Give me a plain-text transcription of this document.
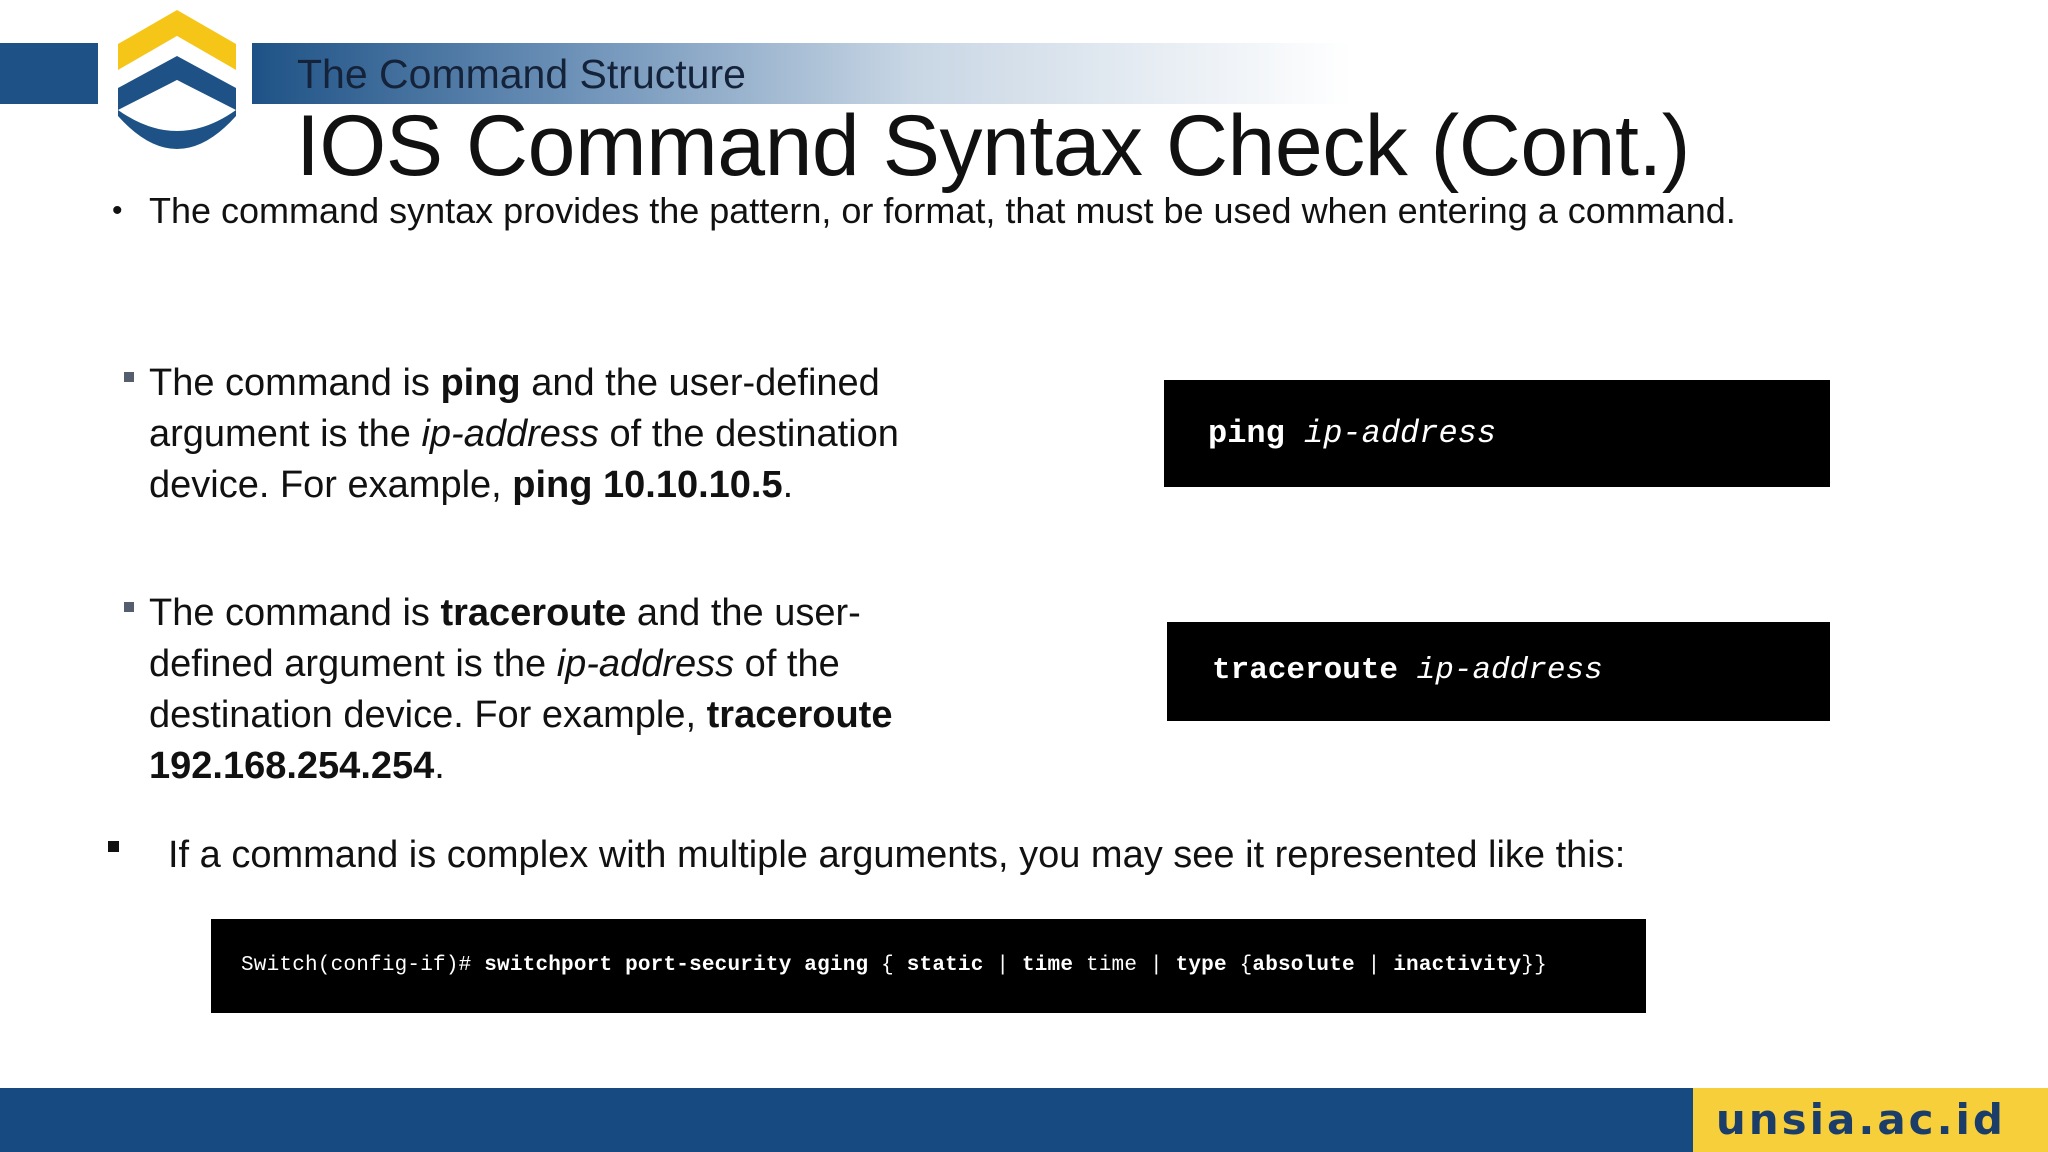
The Command Structure
IOS Command Syntax Check (Cont.)
• The command syntax provides the pattern, or format, that must be used when entering a command.
The command is ping and the user-defined argument is the ip-address of the destination device. For example, ping 10.10.10.5.
The command is traceroute and the user-defined argument is the ip-address of the destination device. For example, traceroute 192.168.254.254.
ping ip-address
traceroute ip-address
If a command is complex with multiple arguments, you may see it represented like this:
Switch(config-if)# switchport port-security aging { static | time time | type {absolute | inactivity}}
unsia.ac.id
